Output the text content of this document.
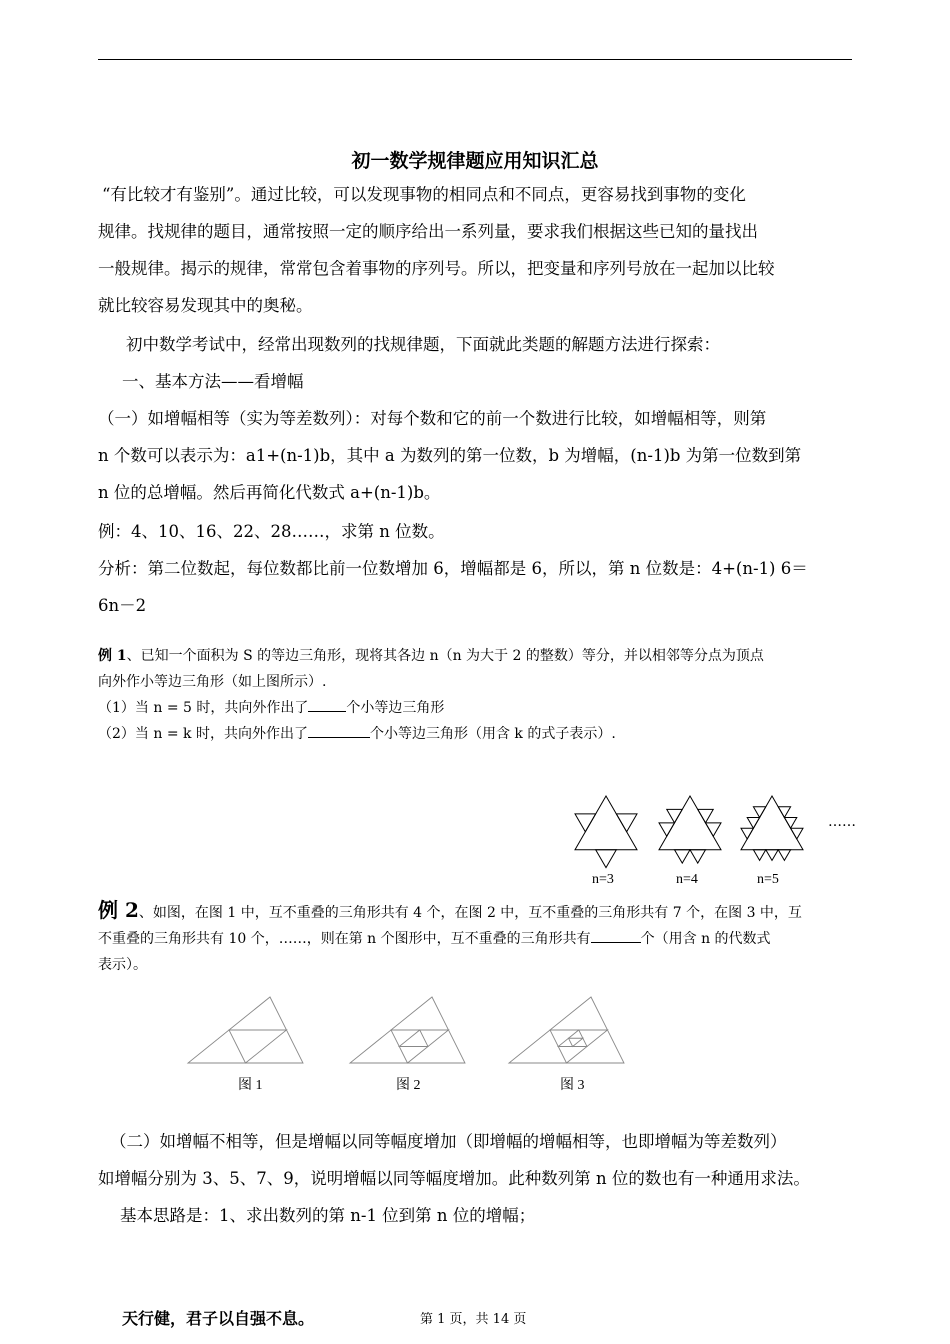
初一数学规律题应用知识汇总
“有比较才有鉴别”。通过比较，可以发现事物的相同点和不同点，更容易找到事物的变化
规律。找规律的题目，通常按照一定的顺序给出一系列量，要求我们根据这些已知的量找出
一般规律。揭示的规律，常常包含着事物的序列号。所以，把变量和序列号放在一起加以比较
就比较容易发现其中的奥秘。
初中数学考试中，经常出现数列的找规律题，下面就此类题的解题方法进行探索：
一、基本方法——看增幅
（一）如增幅相等（实为等差数列）：对每个数和它的前一个数进行比较，如增幅相等，则第
n 个数可以表示为：a1+(n-1)b，其中 a 为数列的第一位数，b 为增幅，(n-1)b 为第一位数到第
n 位的总增幅。然后再简化代数式 a+(n-1)b。
例：4、10、16、22、28……，求第 n 位数。
分析：第二位数起，每位数都比前一位数增加 6，增幅都是 6，所以，第 n 位数是：4+(n-1) 6＝
6n－2
例 1、已知一个面积为 S 的等边三角形，现将其各边 n（n 为大于 2 的整数）等分，并以相邻等分点为顶点
向外作小等边三角形（如上图所示）.
（1）当 n = 5 时，共向外作出了	个小等边三角形
（2）当 n = k 时，共向外作出了	个小等边三角形（用含 k 的式子表示）.
n=3	n=4	n=5
……
例 2、如图，在图 1 中，互不重叠的三角形共有 4 个，在图 2 中，互不重叠的三角形共有 7 个，在图 3 中，互
不重叠的三角形共有 10 个，……，则在第 n 个图形中，互不重叠的三角形共有	个（用含 n 的代数式
表示）。
图 1	图 2	图 3
（二）如增幅不相等，但是增幅以同等幅度增加（即增幅的增幅相等，也即增幅为等差数列）
如增幅分别为 3、5、7、9，说明增幅以同等幅度增加。此种数列第 n 位的数也有一种通用求法。
基本思路是：1、求出数列的第 n-1 位到第 n 位的增幅；
天行健，君子以自强不息。	第 1 页，共 14 页
